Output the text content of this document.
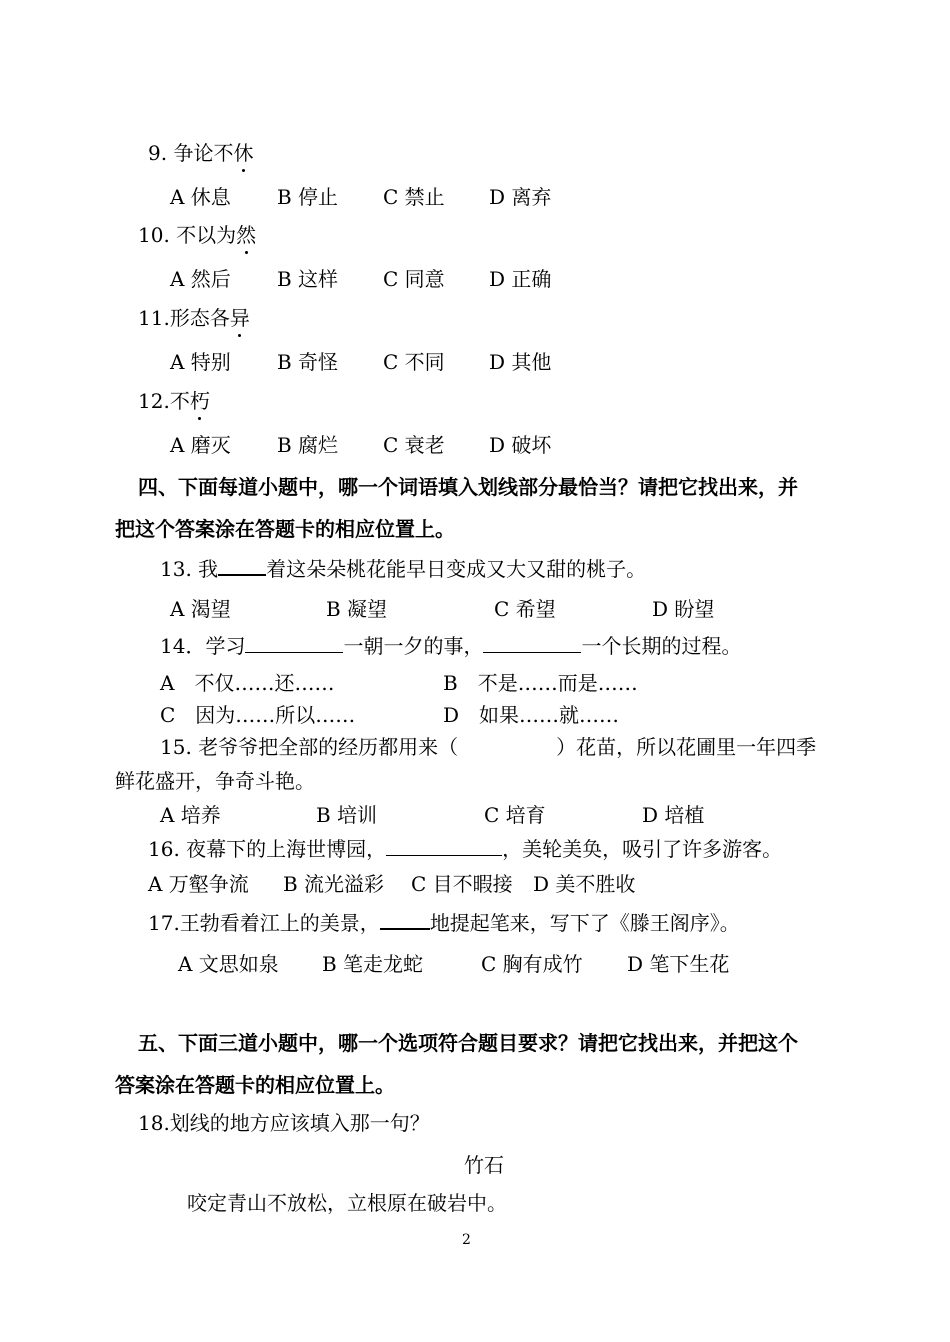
9. 争论不休
A 休息 B 停止 C 禁止 D 离弃
10. 不以为然
A 然后 B 这样 C 同意 D 正确
11.形态各异
A 特别 B 奇怪 C 不同 D 其他
12.不朽
A 磨灭 B 腐烂 C 衰老 D 破坏
四、下面每道小题中，哪一个词语填入划线部分最恰当？请把它找出来，并
把这个答案涂在答题卡的相应位置上。
13. 我 着这朵朵桃花能早日变成又大又甜的桃子。
A 渴望	B 凝望	C 希望	D 盼望
14．学习	一朝一夕的事，	一个长期的过程。
A　不仅……还……	B　不是……而是……
C　因为……所以……	D　如果……就……
15. 老爷爷把全部的经历都用来（	）花苗，所以花圃里一年四季
鲜花盛开，争奇斗艳。
A 培养	B 培训	C 培育	D 培植
16. 夜幕下的上海世博园，	，美轮美奂，吸引了许多游客。
A 万壑争流 B 流光溢彩 C 目不暇接 D 美不胜收
17.王勃看着江上的美景，	地提起笔来，写下了《滕王阁序》。
A 文思如泉 B 笔走龙蛇	C 胸有成竹 D 笔下生花
五、下面三道小题中，哪一个选项符合题目要求？请把它找出来，并把这个
答案涂在答题卡的相应位置上。
18.划线的地方应该填入那一句？
竹石
咬定青山不放松，立根原在破岩中。
2
